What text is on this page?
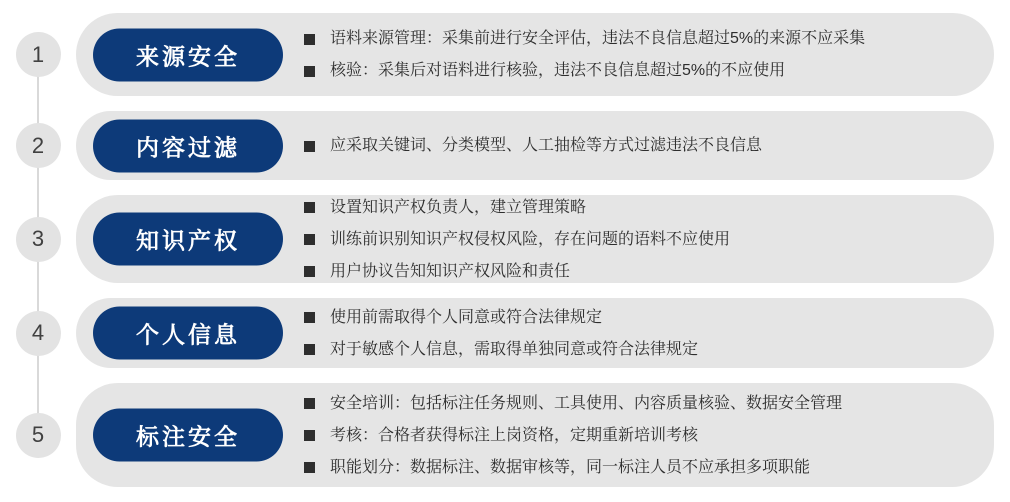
1	来源安全
语料来源管理：采集前进行安全评估，违法不良信息超过5%的来源不应采集
核验：采集后对语料进行核验，违法不良信息超过5%的不应使用
2	内容过滤	应采取关键词、分类模型、人工抽检等方式过滤违法不良信息
3	知识产权
设置知识产权负责人，建立管理策略
训练前识别知识产权侵权风险，存在问题的语料不应使用
用户协议告知知识产权风险和责任
4	个人信息
使用前需取得个人同意或符合法律规定
对于敏感个人信息，需取得单独同意或符合法律规定
5	标注安全
安全培训：包括标注任务规则、工具使用、内容质量核验、数据安全管理
考核：合格者获得标注上岗资格，定期重新培训考核
职能划分：数据标注、数据审核等，同一标注人员不应承担多项职能
